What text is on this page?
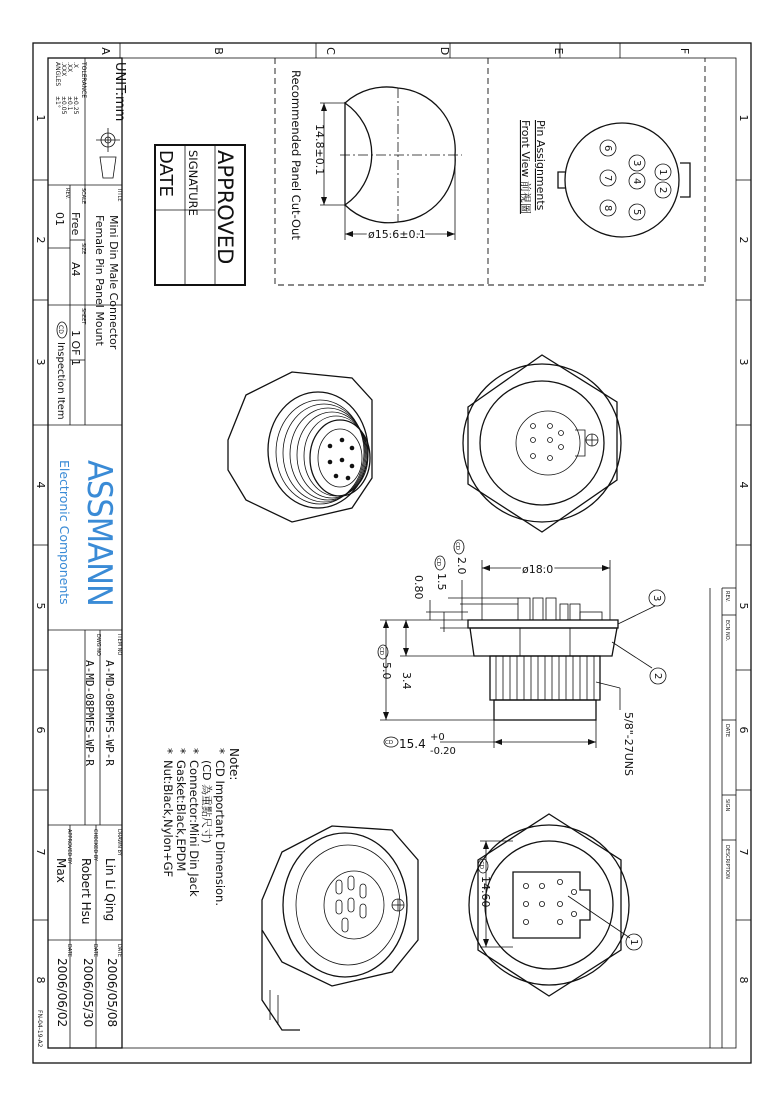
A	B	C	D	E	F
1
2
3
4
5
6
7
8
1
2
3
4
5
6
7
8
UNIT:mm
TOLERANCE
.X
±0.25
.XX
±0.1
.XXX
±0.05
ANGLES
±1°
TITLE
Mini Din Male Connector
Female Pin Panel Mount
SCALE
Free
SIZE
A4
REV.
01
SHEET
1 OF 1
CD
Inspection Item
ASSMANN
Electronic Components
ITEM NO
A-MD-08PMFS-WP-R
DWG NO
A-MD-08PMFS-WP-R
DRAWN BY
Lin Li Qing
CHECKED BY
Robert Hsu
APPROVED BY
Max
DATE
2006/05/08
DATE
2006/05/30
DATE
2006/06/02
FN-04-19-A2
APPROVED
SIGNATURE
DATE	Recommended Panel Cut-Out 14.8±0.1
ø15.6±0.1
Pin Assignments
Front View 前視圖	1
2
3
4
5
6
7
8
ø18.0
CD
2.0
CD
1.5
0.80
CD
5.0
3.4
5/8"-27UNS
CD 15.4 +0
-0.20
3
2
1
REV.
ECN NO.
DATE
SIGN
DESCRIPTION
Note:
*
CD Important Dimension.
(CD 為重點尺寸)
*
Connector:Mini Din Jack
*
Gasket:Black,EPDM
*
Nut:Black,Nylon+GF	CD
14.60
